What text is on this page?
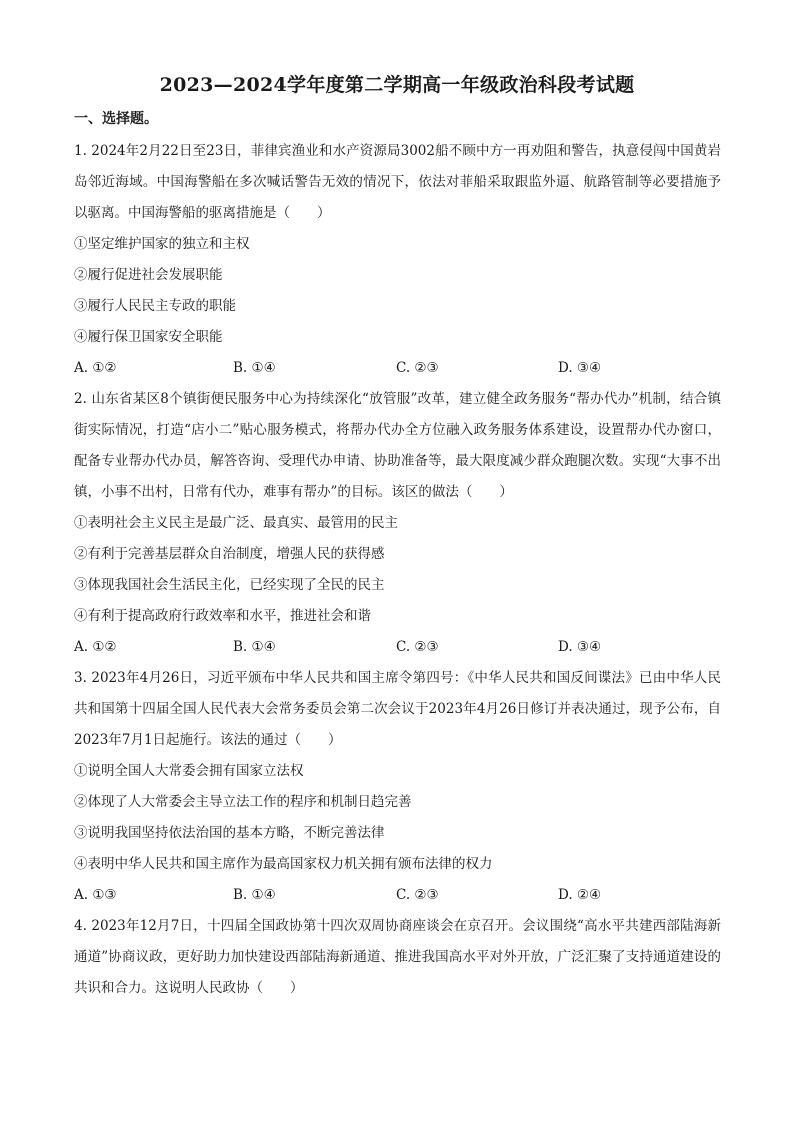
2023—2024学年度第二学期高一年级政治科段考试题
一、选择题。
1. 2024年2月22日至23日，菲律宾渔业和水产资源局3002船不顾中方一再劝阻和警告，执意侵闯中国黄岩岛邻近海域。中国海警船在多次喊话警告无效的情况下，依法对菲船采取跟监外逼、航路管制等必要措施予以驱离。中国海警船的驱离措施是（　　）
①坚定维护国家的独立和主权
②履行促进社会发展职能
③履行人民民主专政的职能
④履行保卫国家安全职能
A. ①②	B. ①④	C. ②③	D. ③④
2. 山东省某区8个镇街便民服务中心为持续深化“放管服”改革，建立健全政务服务“帮办代办”机制，结合镇街实际情况，打造“店小二”贴心服务模式，将帮办代办全方位融入政务服务体系建设，设置帮办代办窗口，配备专业帮办代办员，解答咨询、受理代办申请、协助准备等，最大限度减少群众跑腿次数。实现“大事不出镇，小事不出村，日常有代办，难事有帮办”的目标。该区的做法（　　）
①表明社会主义民主是最广泛、最真实、最管用的民主
②有利于完善基层群众自治制度，增强人民的获得感
③体现我国社会生活民主化，已经实现了全民的民主
④有利于提高政府行政效率和水平，推进社会和谐
A. ①②	B. ①④	C. ②③	D. ③④
3. 2023年4月26日，习近平颁布中华人民共和国主席令第四号：《中华人民共和国反间谍法》已由中华人民共和国第十四届全国人民代表大会常务委员会第二次会议于2023年4月26日修订并表决通过，现予公布，自2023年7月1日起施行。该法的通过（　　）
①说明全国人大常委会拥有国家立法权
②体现了人大常委会主导立法工作的程序和机制日趋完善
③说明我国坚持依法治国的基本方略，不断完善法律
④表明中华人民共和国主席作为最高国家权力机关拥有颁布法律的权力
A. ①③	B. ①④	C. ②③	D. ②④
4. 2023年12月7日，十四届全国政协第十四次双周协商座谈会在京召开。会议围绕“高水平共建西部陆海新通道”协商议政，更好助力加快建设西部陆海新通道、推进我国高水平对外开放，广泛汇聚了支持通道建设的共识和合力。这说明人民政协（　　）
